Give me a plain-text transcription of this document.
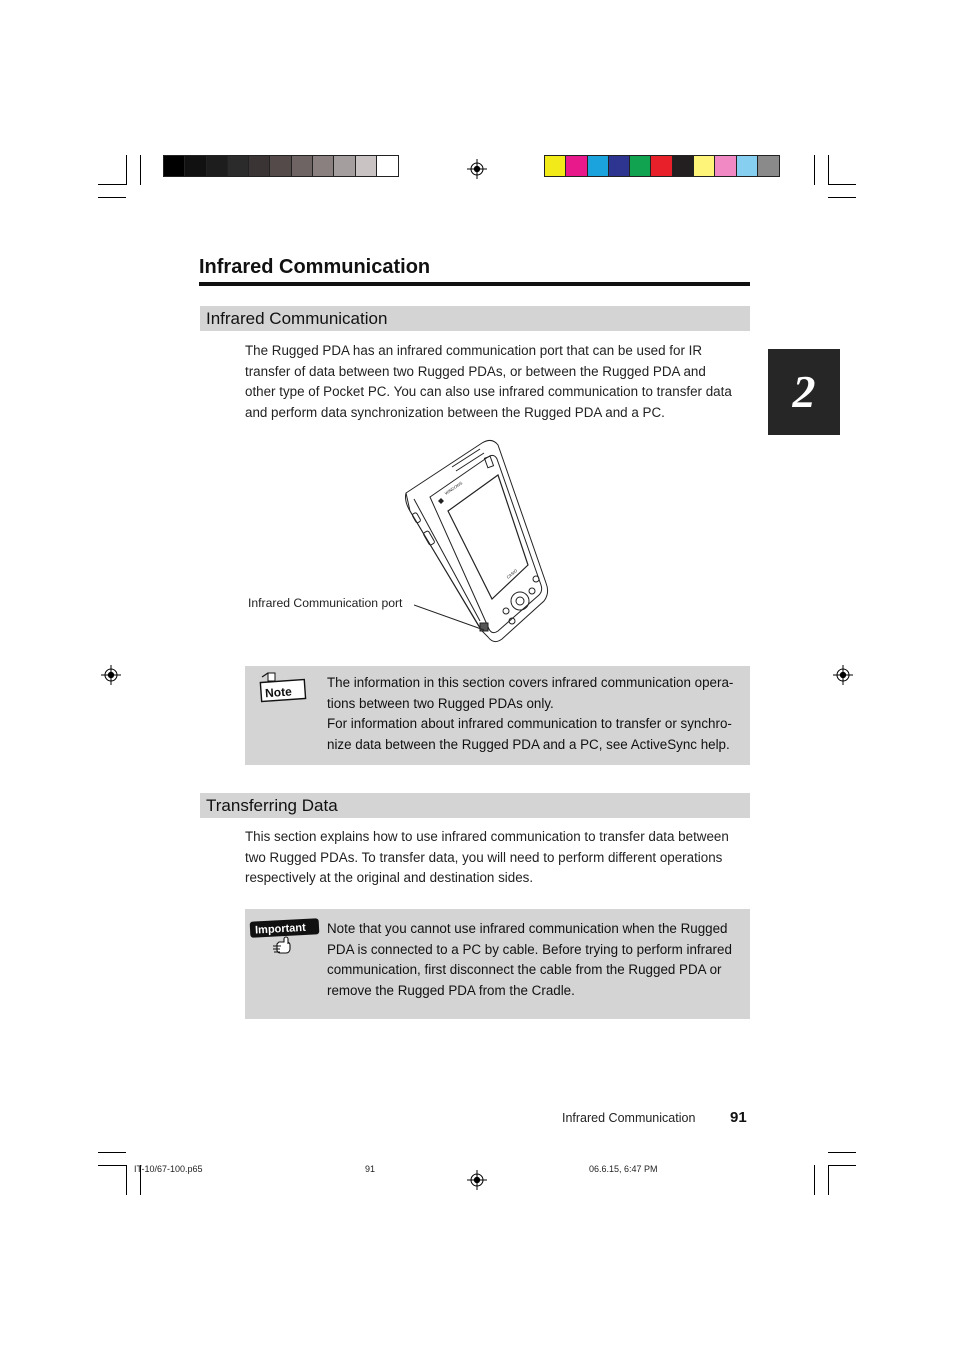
2
Infrared Communication
Infrared Communication
The Rugged PDA has an infrared communication port that can be used for IR
transfer of data between two Rugged PDAs, or between the Rugged PDA and
other type of Pocket PC. You can also use infrared communication to transfer data
and perform data synchronization between the Rugged PDA and a PC.
WINDOWS
CASIO
Infrared Communication port
Note
The information in this section covers infrared communication opera-
tions between two Rugged PDAs only.
For information about infrared communication to transfer or synchro-
nize data between the Rugged PDA and a PC, see ActiveSync help.
Transferring Data
This section explains how to use infrared communication to transfer data between
two Rugged PDAs. To transfer data, you will need to perform different operations
respectively at the original and destination sides.
Important Note that you cannot use infrared communication when the Rugged
PDA is connected to a PC by cable. Before trying to perform infrared
communication, first disconnect the cable from the Rugged PDA or
remove the Rugged PDA from the Cradle.
Infrared Communication 91
IT-10/67-100.p65	91	06.6.15, 6:47 PM
